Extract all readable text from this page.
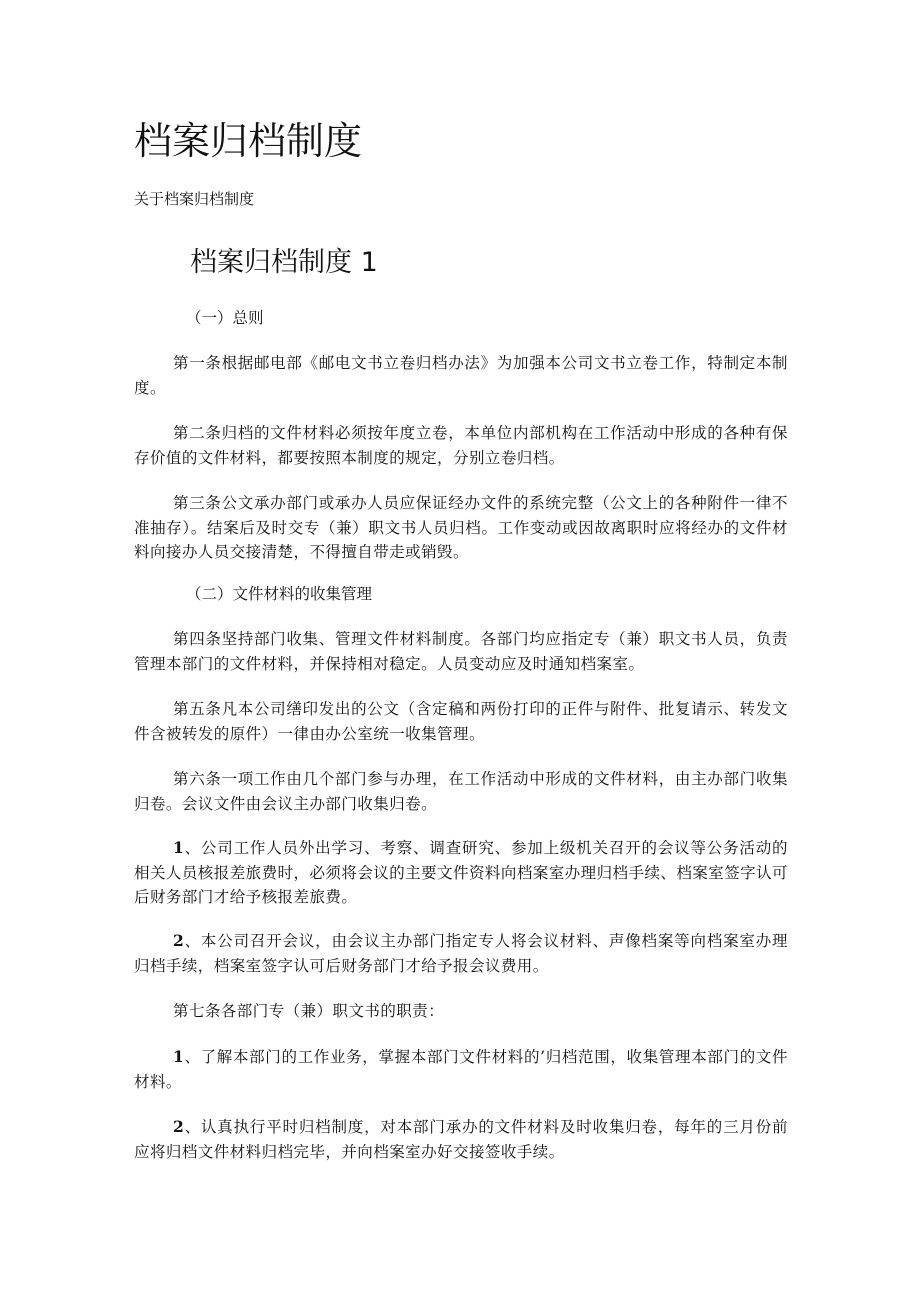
档案归档制度

关于档案归档制度

档案归档制度 1

（一）总则

第一条根据邮电部《邮电文书立卷归档办法》为加强本公司文书立卷工作，特制定本制度。

第二条归档的文件材料必须按年度立卷，本单位内部机构在工作活动中形成的各种有保存价值的文件材料，都要按照本制度的规定，分别立卷归档。

第三条公文承办部门或承办人员应保证经办文件的系统完整（公文上的各种附件一律不准抽存）。结案后及时交专（兼）职文书人员归档。工作变动或因故离职时应将经办的文件材料向接办人员交接清楚，不得擅自带走或销毁。

（二）文件材料的收集管理

第四条坚持部门收集、管理文件材料制度。各部门均应指定专（兼）职文书人员，负责管理本部门的文件材料，并保持相对稳定。人员变动应及时通知档案室。

第五条凡本公司缮印发出的公文（含定稿和两份打印的正件与附件、批复请示、转发文件含被转发的原件）一律由办公室统一收集管理。

第六条一项工作由几个部门参与办理，在工作活动中形成的文件材料，由主办部门收集归卷。会议文件由会议主办部门收集归卷。

1、公司工作人员外出学习、考察、调查研究、参加上级机关召开的会议等公务活动的相关人员核报差旅费时，必须将会议的主要文件资料向档案室办理归档手续、档案室签字认可后财务部门才给予核报差旅费。

2、本公司召开会议，由会议主办部门指定专人将会议材料、声像档案等向档案室办理归档手续，档案室签字认可后财务部门才给予报会议费用。

第七条各部门专（兼）职文书的职责：

1、了解本部门的工作业务，掌握本部门文件材料的’归档范围，收集管理本部门的文件材料。

2、认真执行平时归档制度，对本部门承办的文件材料及时收集归卷，每年的三月份前应将归档文件材料归档完毕，并向档案室办好交接签收手续。
